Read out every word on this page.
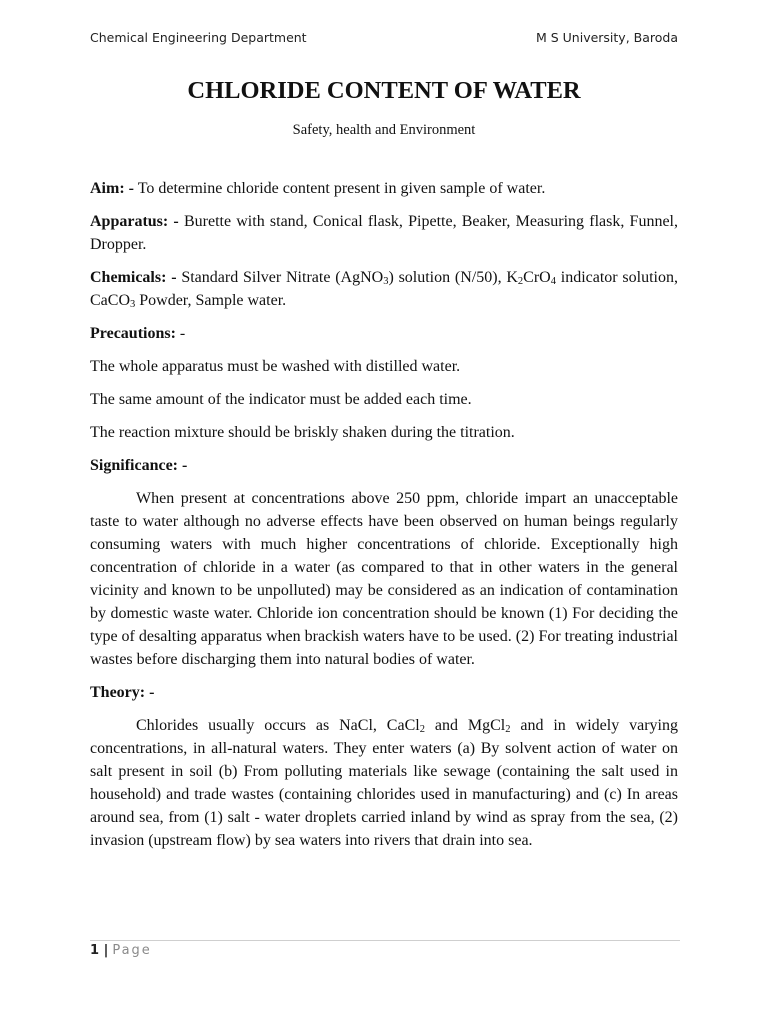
Chemical Engineering Department	M S University, Baroda
CHLORIDE CONTENT OF WATER

Safety, health and Environment

Aim: - To determine chloride content present in given sample of water.

Apparatus: - Burette with stand, Conical flask, Pipette, Beaker, Measuring flask, Funnel, Dropper.

Chemicals: - Standard Silver Nitrate (AgNO$_3$) solution (N/50), $K_2CrO_4$ indicator solution, CaCO$_3$ Powder, Sample water.

Precautions: -

The whole apparatus must be washed with distilled water.

The same amount of the indicator must be added each time.

The reaction mixture should be briskly shaken during the titration.

Significance: -

When present at concentrations above 250 ppm, chloride impart an unacceptable taste to water although no adverse effects have been observed on human beings regularly consuming waters with much higher concentrations of chloride. Exceptionally high concentration of chloride in a water (as compared to that in other waters in the general vicinity and known to be unpolluted) may be considered as an indication of contamination by domestic waste water. Chloride ion concentration should be known (1) For deciding the type of desalting apparatus when brackish waters have to be used. (2) For treating industrial wastes before discharging them into natural bodies of water.

Theory: -

Chlorides usually occurs as NaCl, CaCl$_2$ and MgCl$_2$ and in widely varying concentrations, in all-natural waters. They enter waters (a) By solvent action of water on salt present in soil (b) From polluting materials like sewage (containing the salt used in household) and trade wastes (containing chlorides used in manufacturing) and (c) In areas around sea, from (1) salt - water droplets carried inland by wind as spray from the sea, (2) invasion (upstream flow) by sea waters into rivers that drain into sea.

1 | Page
